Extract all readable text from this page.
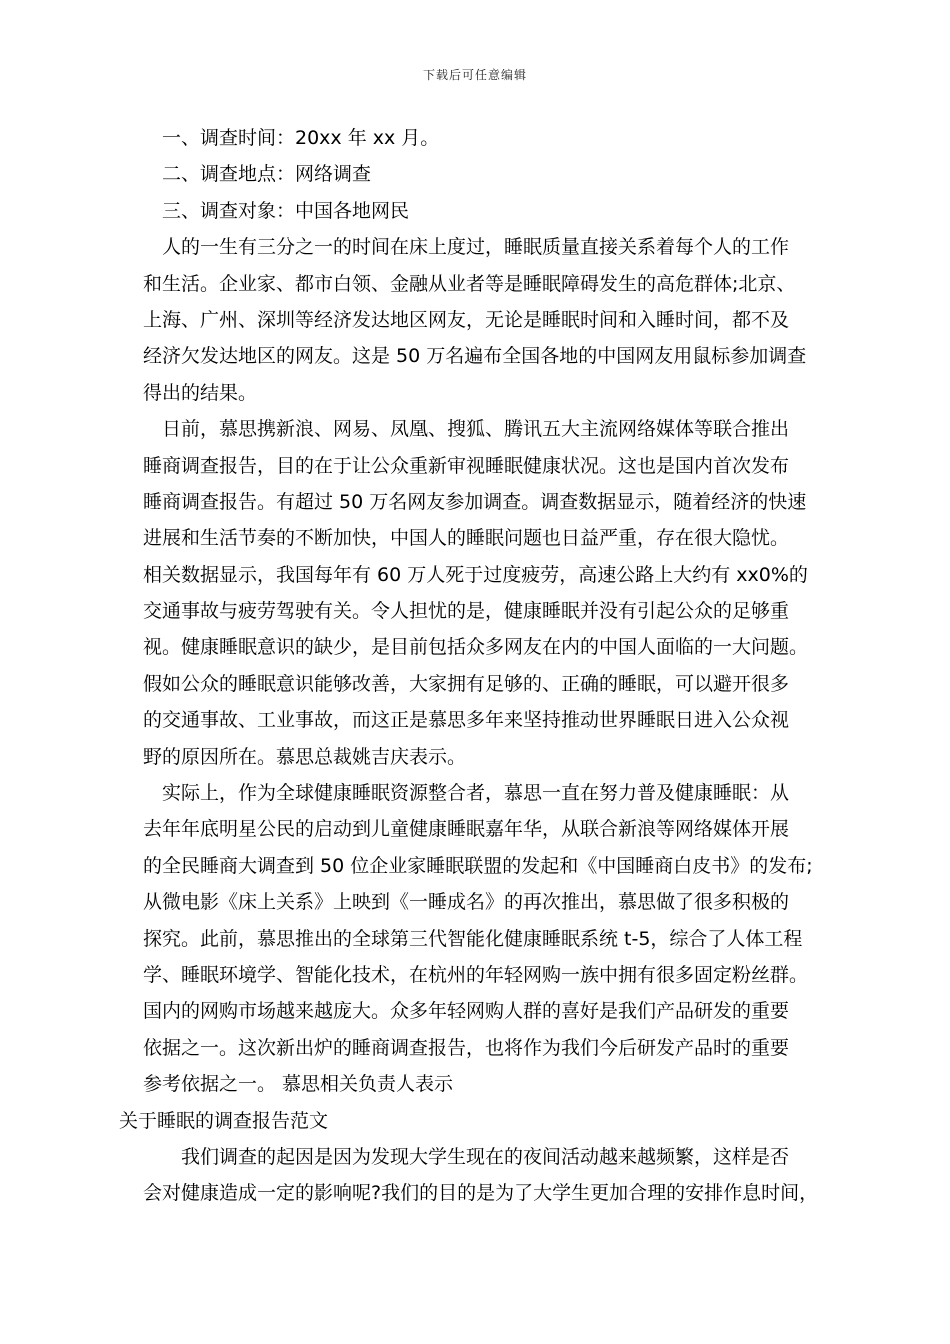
下载后可任意编辑
一、调查时间：20xx 年 xx 月。
二、调查地点：网络调查
三、调查对象：中国各地网民
人的一生有三分之一的时间在床上度过，睡眠质量直接关系着每个人的工作
和生活。企业家、都市白领、金融从业者等是睡眠障碍发生的高危群体;北京、
上海、广州、深圳等经济发达地区网友，无论是睡眠时间和入睡时间，都不及
经济欠发达地区的网友。这是 50 万名遍布全国各地的中国网友用鼠标参加调查
得出的结果。
日前，慕思携新浪、网易、凤凰、搜狐、腾讯五大主流网络媒体等联合推出
睡商调查报告，目的在于让公众重新审视睡眠健康状况。这也是国内首次发布
睡商调查报告。有超过 50 万名网友参加调查。调查数据显示，随着经济的快速
进展和生活节奏的不断加快，中国人的睡眠问题也日益严重，存在很大隐忧。
相关数据显示，我国每年有 60 万人死于过度疲劳，高速公路上大约有 xx0%的
交通事故与疲劳驾驶有关。令人担忧的是，健康睡眠并没有引起公众的足够重
视。健康睡眠意识的缺少，是目前包括众多网友在内的中国人面临的一大问题。
假如公众的睡眠意识能够改善，大家拥有足够的、正确的睡眠，可以避开很多
的交通事故、工业事故，而这正是慕思多年来坚持推动世界睡眠日进入公众视
野的原因所在。慕思总裁姚吉庆表示。
实际上，作为全球健康睡眠资源整合者，慕思一直在努力普及健康睡眠：从
去年年底明星公民的启动到儿童健康睡眠嘉年华，从联合新浪等网络媒体开展
的全民睡商大调查到 50 位企业家睡眠联盟的发起和《中国睡商白皮书》的发布;
从微电影《床上关系》上映到《一睡成名》的再次推出，慕思做了很多积极的
探究。此前，慕思推出的全球第三代智能化健康睡眠系统 t-5，综合了人体工程
学、睡眠环境学、智能化技术，在杭州的年轻网购一族中拥有很多固定粉丝群。
国内的网购市场越来越庞大。众多年轻网购人群的喜好是我们产品研发的重要
依据之一。这次新出炉的睡商调查报告，也将作为我们今后研发产品时的重要
参考依据之一。 慕思相关负责人表示
关于睡眠的调查报告范文
我们调查的起因是因为发现大学生现在的夜间活动越来越频繁，这样是否
会对健康造成一定的影响呢?我们的目的是为了大学生更加合理的安排作息时间，
